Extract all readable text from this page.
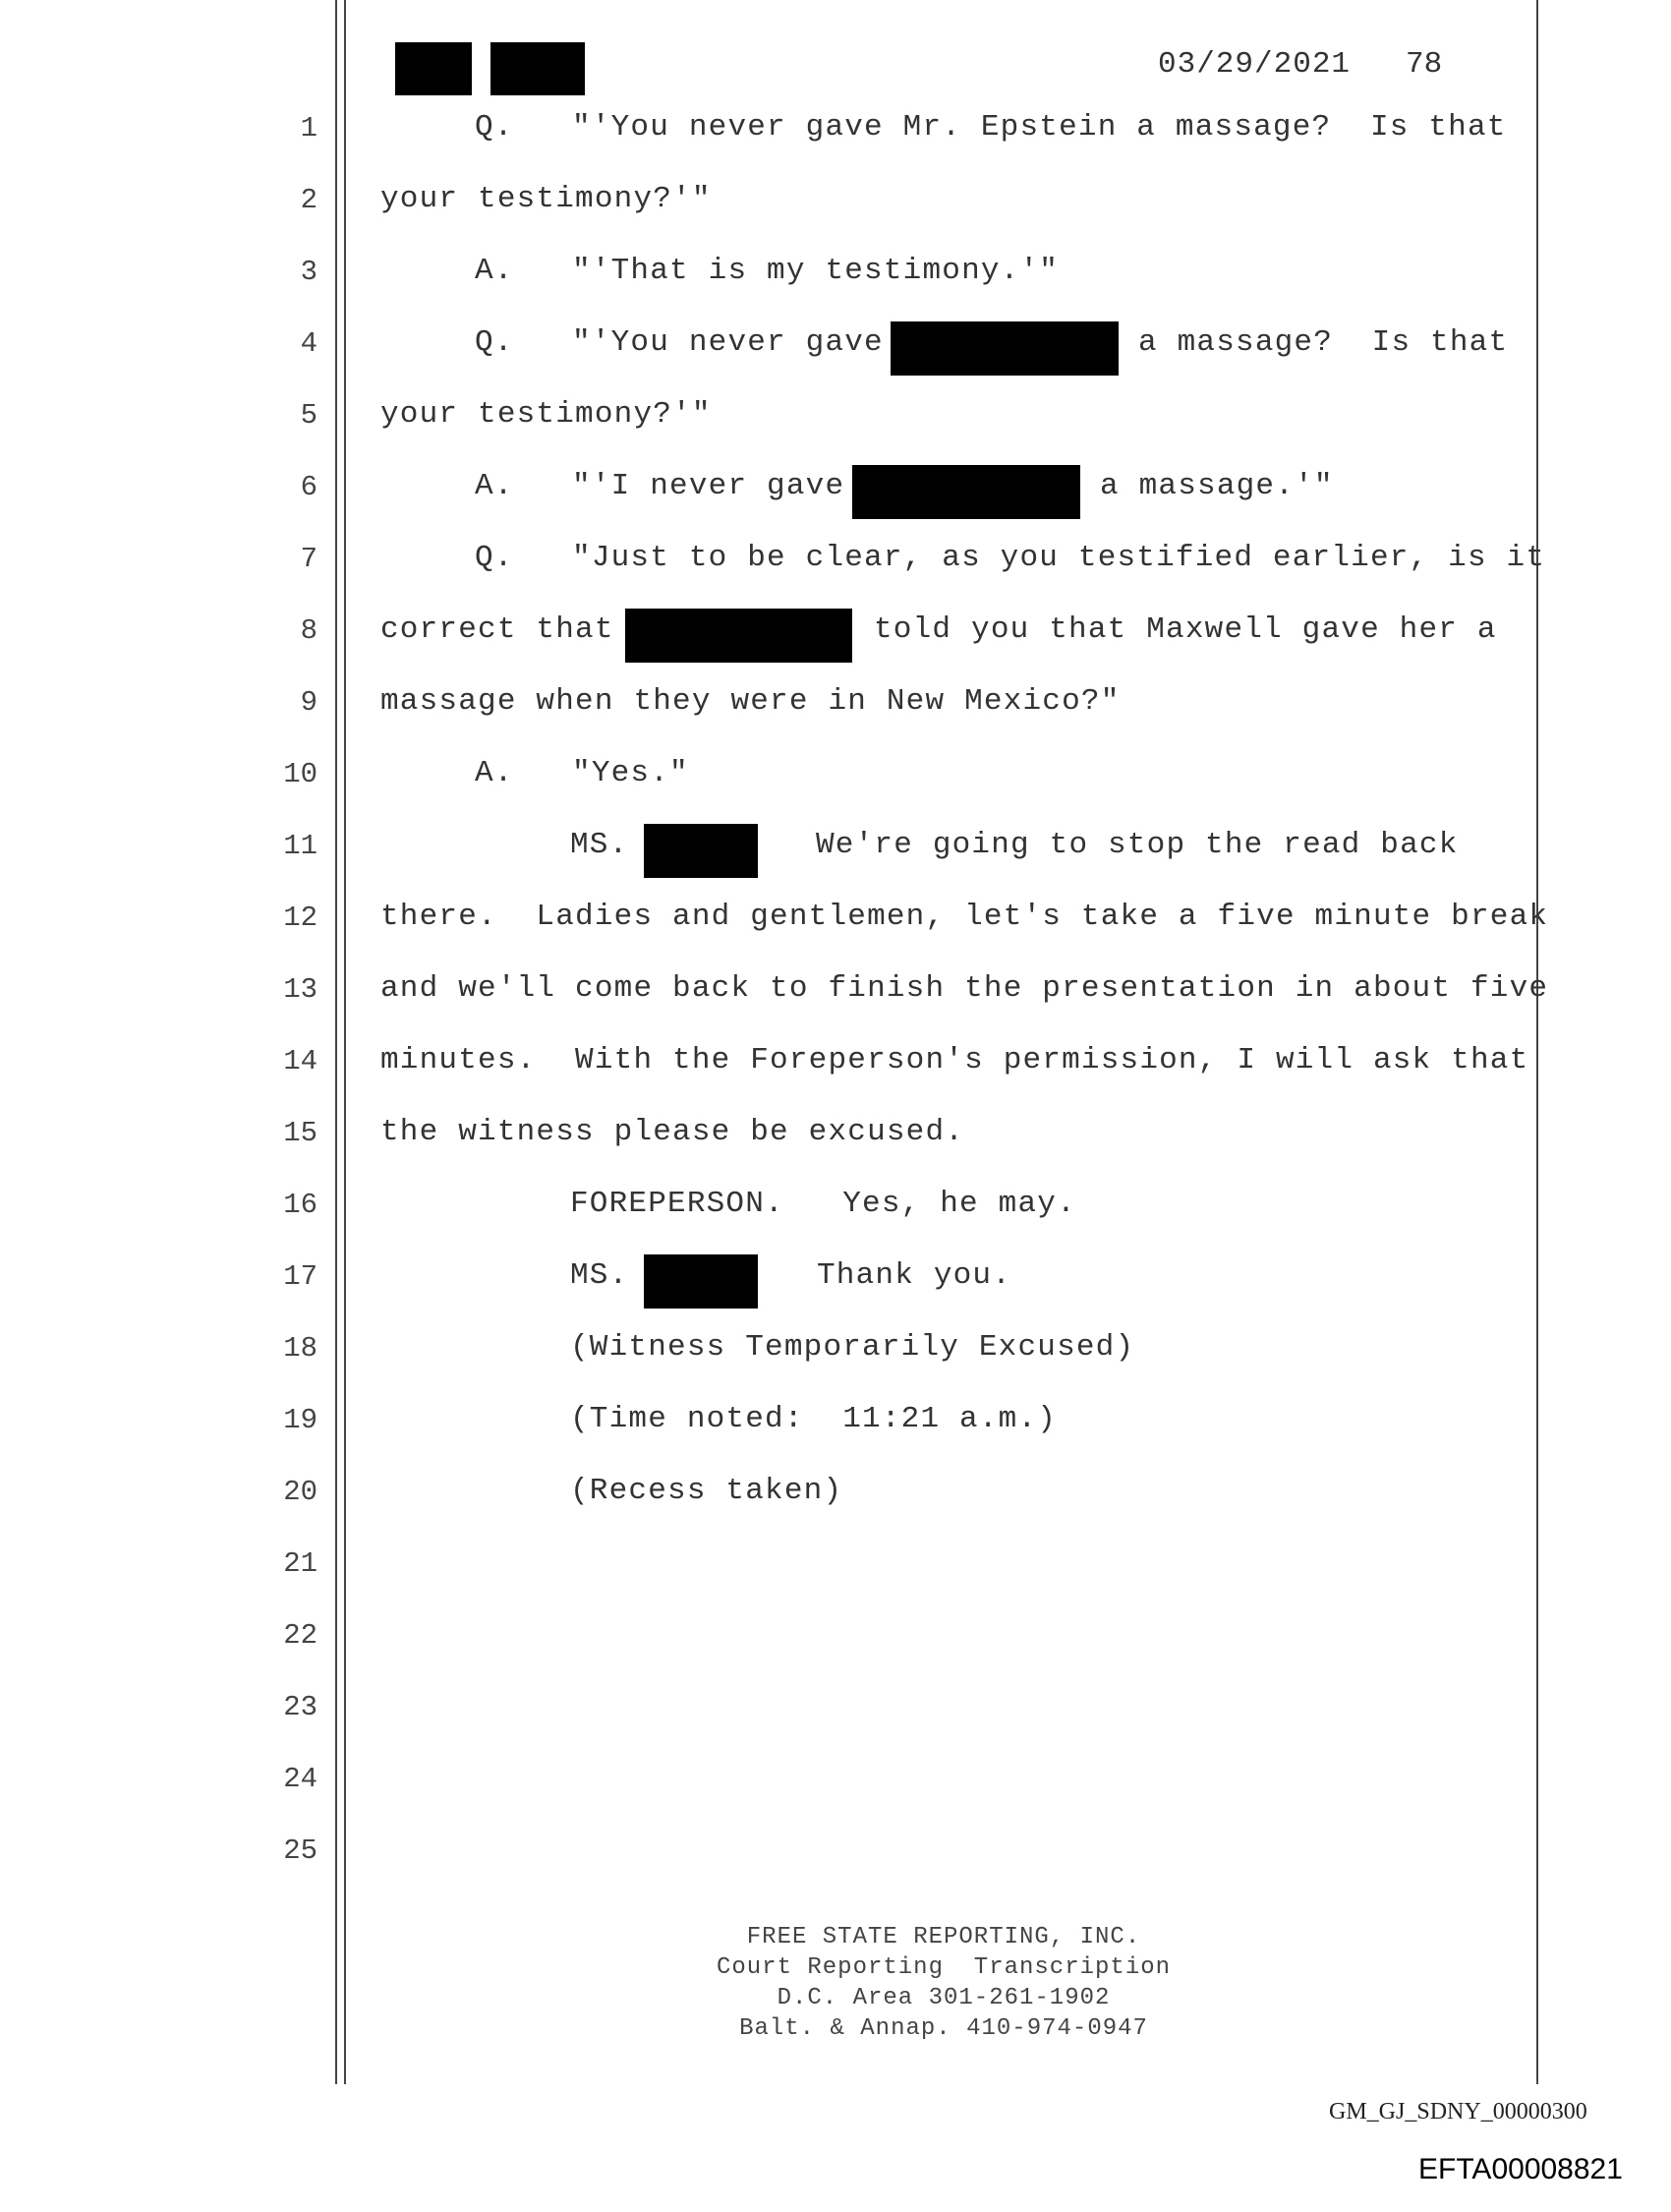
03/29/2021 78
1	Q.   "'You never gave Mr. Epstein a massage?  Is that
2 your testimony?'"
3	A.   "'That is my testimony.'"
4	Q.   "'You never gave	a massage?  Is that
5 your testimony?'"
6	A.   "'I never gave	a massage.'"
7	Q.   "Just to be clear, as you testified earlier, is it
8 correct that	told you that Maxwell gave her a
9 massage when they were in New Mexico?"
10	A.   "Yes."
11	MS.	We're going to stop the read back
12 there.  Ladies and gentlemen, let's take a five minute break
13 and we'll come back to finish the presentation in about five
14 minutes.  With the Foreperson's permission, I will ask that
15 the witness please be excused.
16	FOREPERSON.   Yes, he may.
17	MS.	Thank you.
18	(Witness Temporarily Excused)
19	(Time noted:  11:21 a.m.)
20	(Recess taken)
21
22
23
24
25
FREE STATE REPORTING, INC.
Court Reporting  Transcription
D.C. Area 301-261-1902
Balt. & Annap. 410-974-0947
GM_GJ_SDNY_00000300
EFTA00008821
